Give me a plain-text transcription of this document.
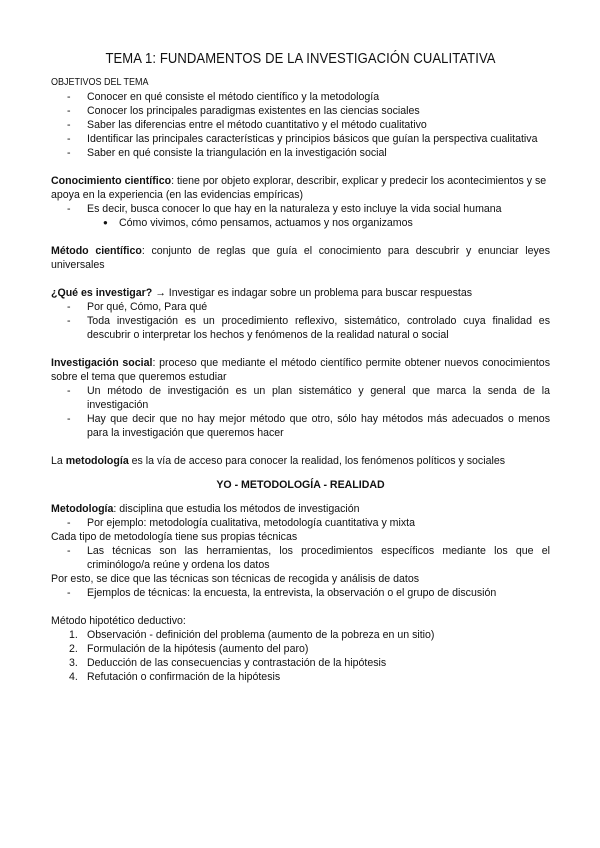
TEMA 1: FUNDAMENTOS DE LA INVESTIGACIÓN CUALITATIVA
OBJETIVOS DEL TEMA
- Conocer en qué consiste el método científico y la metodología
- Conocer los principales paradigmas existentes en las ciencias sociales
- Saber las diferencias entre el método cuantitativo y el método cualitativo
- Identificar las principales características y principios básicos que guían la perspectiva cualitativa
- Saber en qué consiste la triangulación en la investigación social

Conocimiento científico: tiene por objeto explorar, describir, explicar y predecir los acontecimientos y se apoya en la experiencia (en las evidencias empíricas)

- Es decir, busca conocer lo que hay en la naturaleza y esto incluye la vida social humana
● Cómo vivimos, cómo pensamos, actuamos y nos organizamos

Método científico: conjunto de reglas que guía el conocimiento para descubrir y enunciar leyes universales

¿Qué es investigar? → Investigar es indagar sobre un problema para buscar respuestas

- Por qué, Cómo, Para qué
- Toda investigación es un procedimiento reflexivo, sistemático, controlado cuya finalidad es descubrir o interpretar los hechos y fenómenos de la realidad natural o social

Investigación social: proceso que mediante el método científico permite obtener nuevos conocimientos sobre el tema que queremos estudiar

- Un método de investigación es un plan sistemático y general que marca la senda de la investigación
- Hay que decir que no hay mejor método que otro, sólo hay métodos más adecuados o menos para la investigación que queremos hacer

La metodología es la vía de acceso para conocer la realidad, los fenómenos políticos y sociales

YO - METODOLOGÍA - REALIDAD

Metodología: disciplina que estudia los métodos de investigación

- Por ejemplo: metodología cualitativa, metodología cuantitativa y mixta

Cada tipo de metodología tiene sus propias técnicas

- Las técnicas son las herramientas, los procedimientos específicos mediante los que el criminólogo/a reúne y ordena los datos

Por esto, se dice que las técnicas son técnicas de recogida y análisis de datos

- Ejemplos de técnicas: la encuesta, la entrevista, la observación o el grupo de discusión

Método hipotético deductivo:

1. Observación - definición del problema (aumento de la pobreza en un sitio)
2. Formulación de la hipótesis (aumento del paro)
3. Deducción de las consecuencias y contrastación de la hipótesis
4. Refutación o confirmación de la hipótesis
